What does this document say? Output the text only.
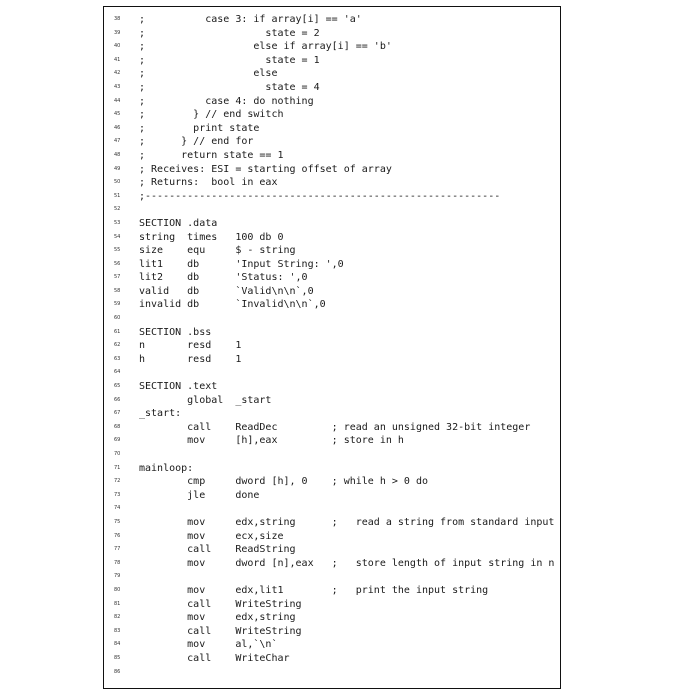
38	;          case 3: if array[i] == 'a'
39	;                    state = 2
40	;                  else if array[i] == 'b'
41	;                    state = 1
42	;                  else
43	;                    state = 4
44	;          case 4: do nothing
45	;        } // end switch
46	;        print state
47	;      } // end for
48	;      return state == 1
49	; Receives: ESI = starting offset of array
50	; Returns:  bool in eax
51	;-----------------------------------------------------------
52
53	SECTION .data
54	string  times   100 db 0
55	size    equ     $ - string
56	lit1    db      'Input String: ',0
57	lit2    db      'Status: ',0
58	valid   db      `Valid\n\n`,0
59	invalid db      `Invalid\n\n`,0
60
61	SECTION .bss
62	n       resd    1
63	h       resd    1
64
65	SECTION .text
66	global  _start
67	_start:
68	call    ReadDec         ; read an unsigned 32-bit integer
69	mov     [h],eax         ; store in h
70
71	mainloop:
72	cmp     dword [h], 0    ; while h > 0 do
73	jle     done
74
75	mov     edx,string      ;   read a string from standard input
76	mov     ecx,size
77	call    ReadString
78	mov     dword [n],eax   ;   store length of input string in n
79
80	mov     edx,lit1        ;   print the input string
81	call    WriteString
82	mov     edx,string
83	call    WriteString
84	mov     al,`\n`
85	call    WriteChar
86
